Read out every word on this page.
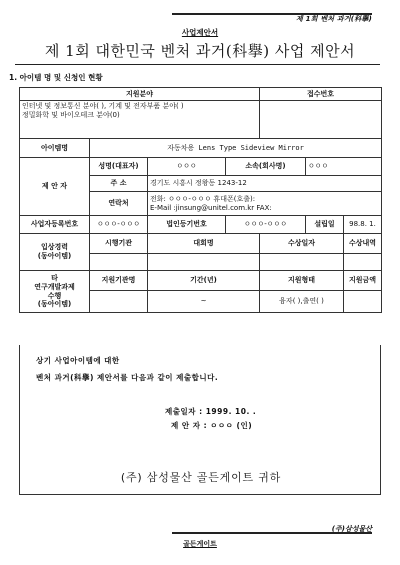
제 1회 벤처 과거(科擧)
사업제안서
제 1회 대한민국 벤처 과거(科擧) 사업 제안서
1. 아이템 명 및 신청인 현황
지원분야				접수번호		

인터넷 및 정보통신 분야( ), 기계 및 전자부품 분야( )
정밀화학 및 바이오테크 분야(0)						

아이템명	자동차용 Lens Type Sideview Mirror					
제 안 자	성명(대표자)	ㅇㅇㅇ	소속(회사명)		ㅇㅇㅇ	
	주 소	경기도 시흥시 정왕동 1243-12				
	연락처	전화: ㅇㅇㅇ-ㅇㅇㅇ 휴대폰(호출):
E-Mail :jinsung@unitel.com.kr FAX:				

사업자등록번호	ㅇㅇㅇ-ㅇㅇㅇ	법인등기번호	ㅇㅇㅇ-ㅇㅇㅇ		설립일	98.8. 1.

입상경력
(동아이템)	시행기관	대회명		수상일자		수상내역

타
연구개발과제
수행
(동아이템)	지원기관명	기간(년)		지원형태		지원금액
		~		융자( ),출연( )		
상기 사업아이템에 대한
벤처 과거(科擧) 제안서를 다음과 같이 제출합니다.
제출일자 : 1999. 10. .
제 안 자 : ㅇㅇㅇ (인)
(주) 삼성물산 골든게이트 귀하
(주)삼성물산
골든게이트
